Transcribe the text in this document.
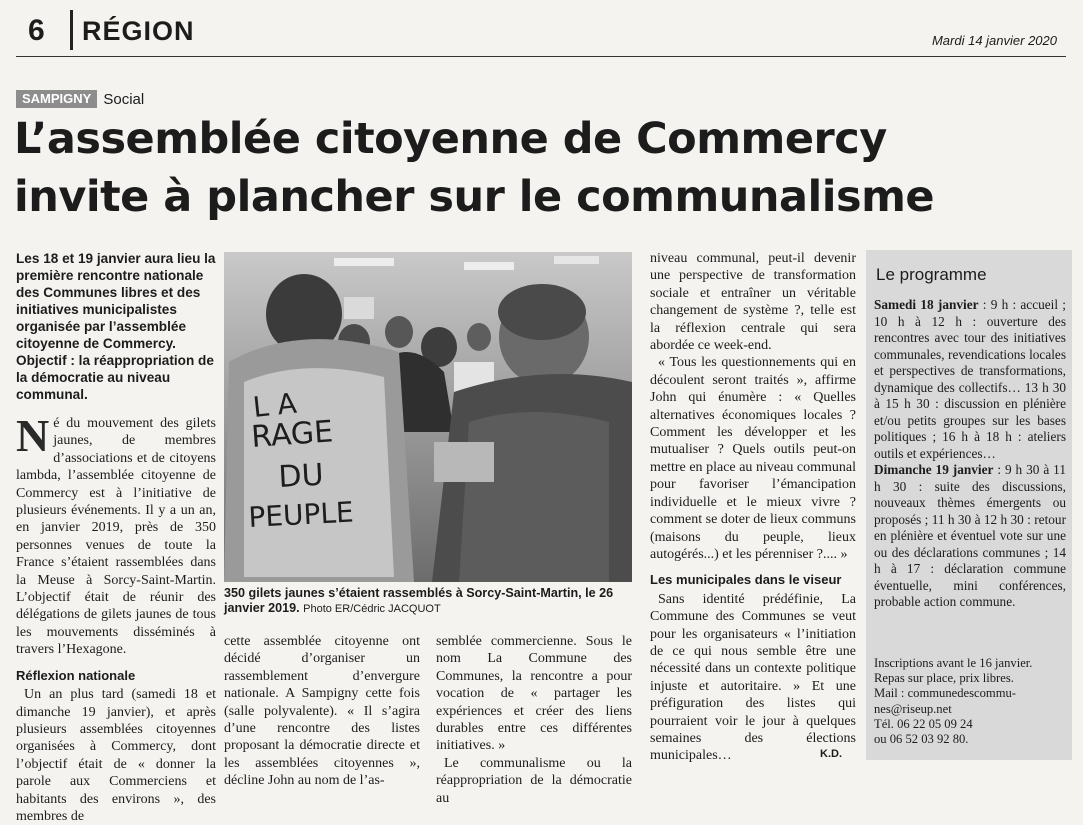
6 RÉGION	Mardi 14 janvier 2020
SAMPIGNY Social
L’assemblée citoyenne de Commercy
invite à plancher sur le communalisme
Les 18 et 19 janvier aura lieu la première rencontre nationale des Communes libres et des initiatives municipalistes organisée par l’assemblée citoyenne de Commercy. Objectif : la réappropriation de la démocratie au niveau communal.

Né du mouvement des gilets jaunes, de membres d’associations et de citoyens lambda, l’assemblée citoyenne de Commercy est à l’initiative de plusieurs événements. Il y a un an, en janvier 2019, près de 350 personnes venues de toute la France s’étaient rassemblées dans la Meuse à Sorcy-Saint-Martin. L’objectif était de réunir des délégations de gilets jaunes de tous les mouvements disséminés à travers l’Hexagone.

Réflexion nationale

Un an plus tard (samedi 18 et dimanche 19 janvier), et après plusieurs assemblées citoyennes organisées à Commercy, dont l’objectif était de « donner la parole aux Commerciens et habitants des environs », des membres de

L A
RAGE
DU
PEUPLE
350 gilets jaunes s’étaient rassemblés à Sorcy-Saint-Martin, le 26 janvier 2019. Photo ER/Cédric JACQUOT

cette assemblée citoyenne ont décidé d’organiser un rassemblement d’envergure nationale. A Sampigny cette fois (salle polyvalente). « Il s’agira d’une rencontre des listes proposant la démocratie directe et les assemblées citoyennes », décline John au nom de l’as-

semblée commercienne. Sous le nom La Commune des Communes, la rencontre a pour vocation de « partager les expériences et créer des liens durables entre ces différentes initiatives. »

Le communalisme ou la réappropriation de la démocratie au

niveau communal, peut-il devenir une perspective de transformation sociale et entraîner un véritable changement de système ?, telle est la réflexion centrale qui sera abordée ce week-end.

« Tous les questionnements qui en découlent seront traités », affirme John qui énumère : « Quelles alternatives économiques locales ? Comment les développer et les mutualiser ? Quels outils peut-on mettre en place au niveau communal pour favoriser l’émancipation individuelle et le mieux vivre ? comment se doter de lieux communs (maisons du peuple, lieux autogérés...) et les pérenniser ?.... »

Les municipales dans le viseur

Sans identité prédéfinie, La Commune des Communes se veut pour les organisateurs « l’initiation de ce qui nous semble être une nécessité dans un contexte politique injuste et autoritaire. » Et une préfiguration des listes qui pourraient voir le jour à quelques semaines des élections municipales…	K.D.
Le programme

Samedi 18 janvier : 9 h : accueil ; 10 h à 12 h : ouverture des rencontres avec tour des initiatives communales, revendications locales et perspectives de transformations, dynamique des collectifs… 13 h 30 à 15 h 30 : discussion en plénière et/ou petits groupes sur les bases politiques ; 16 h à 18 h : ateliers outils et expériences…

Dimanche 19 janvier : 9 h 30 à 11 h 30 : suite des discussions, nouveaux thèmes émergents ou proposés ; 11 h 30 à 12 h 30 : retour en plénière et éventuel vote sur une ou des déclarations communes ; 14 h à 17 : déclaration commune éventuelle, mini conférences, probable action commune.

Inscriptions avant le 16 janvier.
Repas sur place, prix libres.
Mail : communedescommu-
nes@riseup.net
Tél. 06 22 05 09 24
ou 06 52 03 92 80.
